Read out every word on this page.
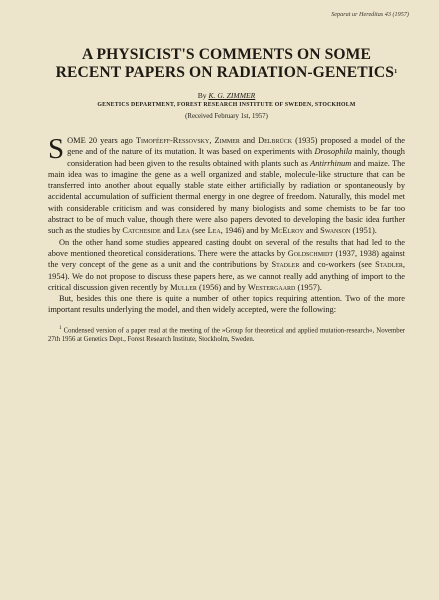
Separat ur Hereditas 43 (1957)
A PHYSICIST'S COMMENTS ON SOME RECENT PAPERS ON RADIATION-GENETICS$^1$
By K. G. ZIMMER
GENETICS DEPARTMENT, FOREST RESEARCH INSTITUTE OF SWEDEN, STOCKHOLM
(Received February 1st, 1957)

SOME 20 years ago Timoféeff-Ressovsky, Zimmer and Delbrück (1935) proposed a model of the gene and of the nature of its mutation. It was based on experiments with Drosophila mainly, though consideration had been given to the results obtained with plants such as Antirrhinum and maize. The main idea was to imagine the gene as a well organized and stable, molecule-like structure that can be transferred into another about equally stable state either artificially by radiation or spontaneously by accidental accumulation of sufficient thermal energy in one degree of freedom. Naturally, this model met with considerable criticism and was considered by many biologists and some chemists to be far too abstract to be of much value, though there were also papers devoted to developing the basic idea further such as the studies by Catcheside and Lea (see Lea, 1946) and by McElroy and Swanson (1951).

On the other hand some studies appeared casting doubt on several of the results that had led to the above mentioned theoretical considerations. There were the attacks by Goldschmidt (1937, 1938) against the very concept of the gene as a unit and the contributions by Stadler and co-workers (see Stadler, 1954). We do not propose to discuss these papers here, as we cannot really add anything of import to the critical discussion given recently by Muller (1956) and by Westergaard (1957).

But, besides this one there is quite a number of other topics requiring attention. Two of the more important results underlying the model, and then widely accepted, were the following:

$^1$ Condensed version of a paper read at the meeting of the »Group for theoretical and applied mutation-research«, November 27th 1956 at Genetics Dept., Forest Research Institute, Stockholm, Sweden.
